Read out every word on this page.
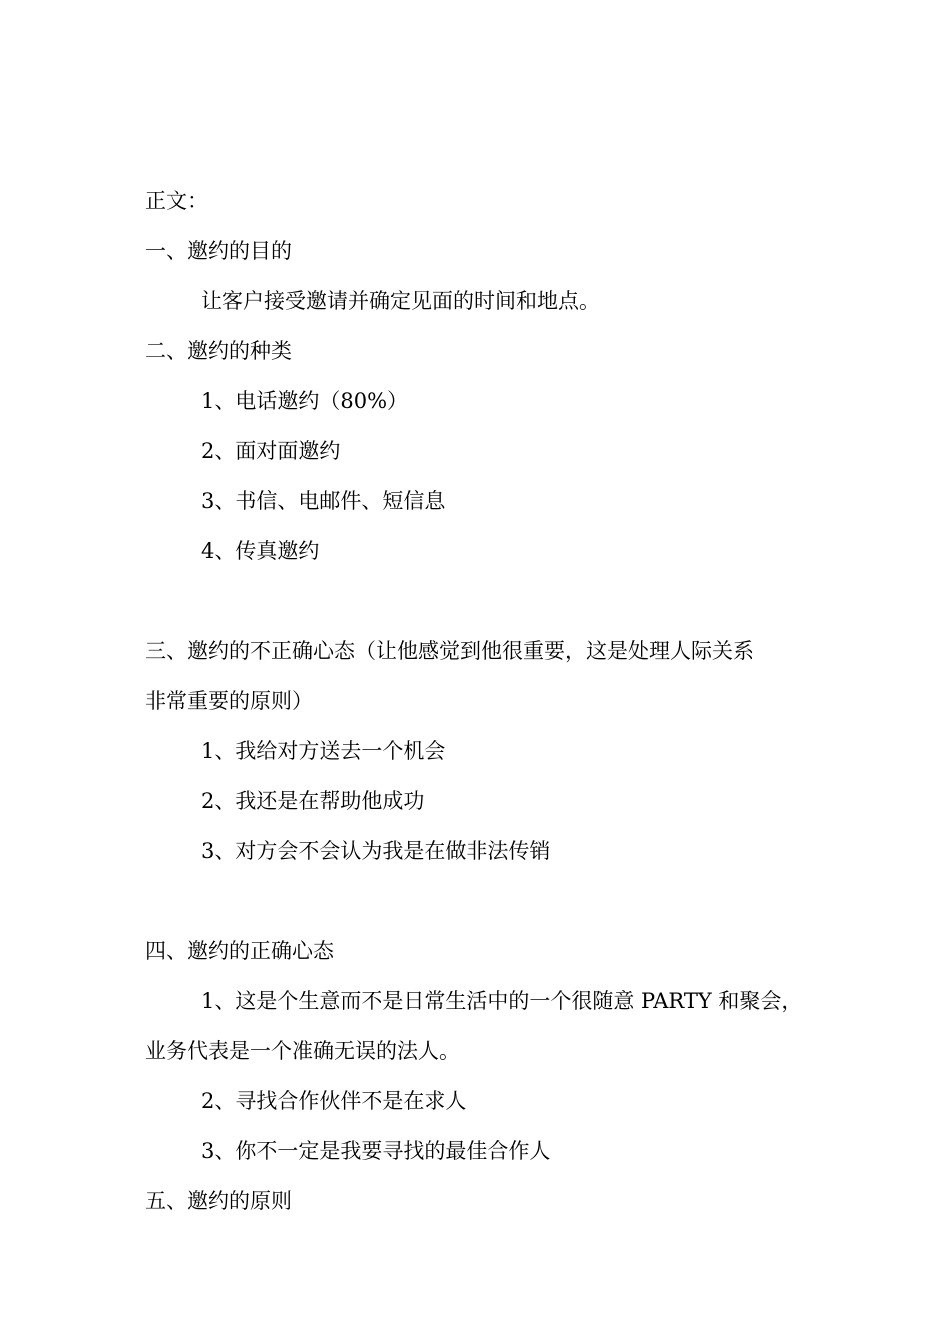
正文：
一、邀约的目的
让客户接受邀请并确定见面的时间和地点。
二、邀约的种类
1、电话邀约（80%）
2、面对面邀约
3、书信、电邮件、短信息
4、传真邀约
三、邀约的不正确心态（让他感觉到他很重要，这是处理人际关系
非常重要的原则）
1、我给对方送去一个机会
2、我还是在帮助他成功
3、对方会不会认为我是在做非法传销
四、邀约的正确心态
1、这是个生意而不是日常生活中的一个很随意 PARTY 和聚会，
业务代表是一个准确无误的法人。
2、寻找合作伙伴不是在求人
3、你不一定是我要寻找的最佳合作人
五、邀约的原则
